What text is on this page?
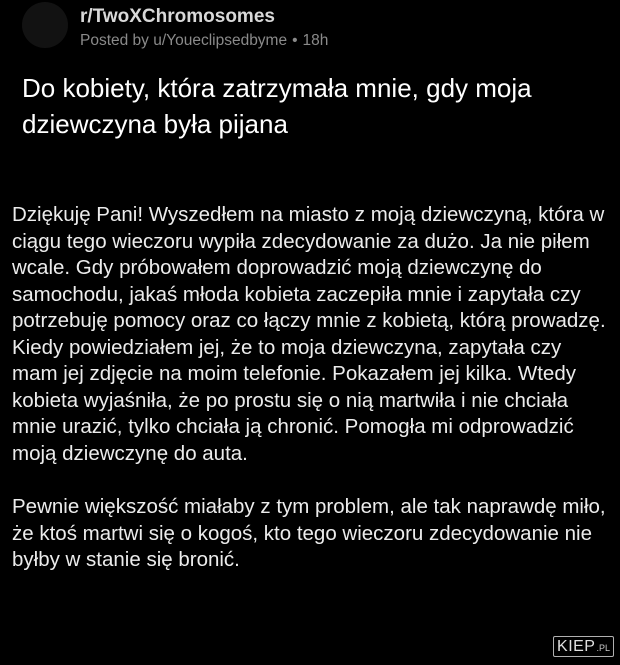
r/TwoXChromosomes
Posted by u/Youeclipsedbyme • 18h
Do kobiety, która zatrzymała mnie, gdy moja dziewczyna była pijana

Dziękuję Pani! Wyszedłem na miasto z moją dziewczyną, która w ciągu tego wieczoru wypiła zdecydowanie za dużo. Ja nie piłem wcale. Gdy próbowałem doprowadzić moją dziewczynę do samochodu, jakaś młoda kobieta zaczepiła mnie i zapytała czy potrzebuję pomocy oraz co łączy mnie z kobietą, którą prowadzę. Kiedy powiedziałem jej, że to moja dziewczyna, zapytała czy mam jej zdjęcie na moim telefonie. Pokazałem jej kilka. Wtedy kobieta wyjaśniła, że po prostu się o nią martwiła i nie chciała mnie urazić, tylko chciała ją chronić. Pomogła mi odprowadzić moją dziewczynę do auta.

Pewnie większość miałaby z tym problem, ale tak naprawdę miło, że ktoś martwi się o kogoś, kto tego wieczoru zdecydowanie nie byłby w stanie się bronić.

KIEP .PL
